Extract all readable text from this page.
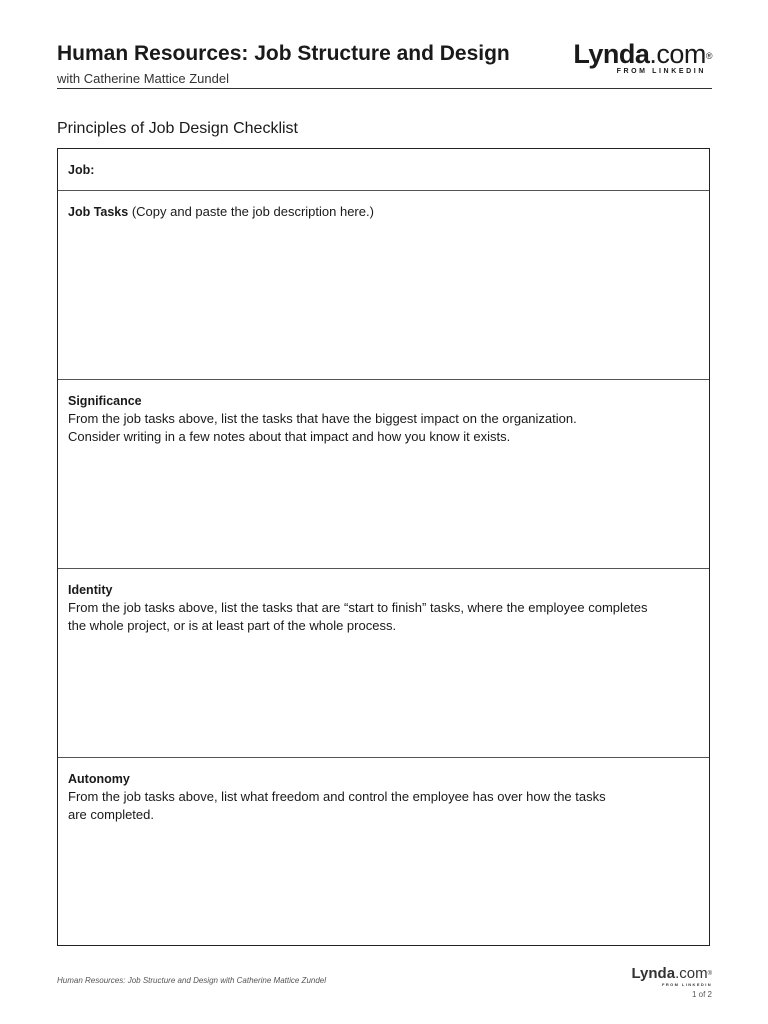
Human Resources: Job Structure and Design
with Catherine Mattice Zundel
Lynda.com®
FROM LINKEDIN
Principles of Job Design Checklist
Job:
Job Tasks (Copy and paste the job description here.)
Significance
From the job tasks above, list the tasks that have the biggest impact on the organization.
Consider writing in a few notes about that impact and how you know it exists.
Identity
From the job tasks above, list the tasks that are “start to finish” tasks, where the employee completes
the whole project, or is at least part of the whole process.
Autonomy
From the job tasks above, list what freedom and control the employee has over how the tasks
are completed.
Human Resources: Job Structure and Design with Catherine Mattice Zundel	Lynda.com®
FROM LINKEDIN
1 of 2
